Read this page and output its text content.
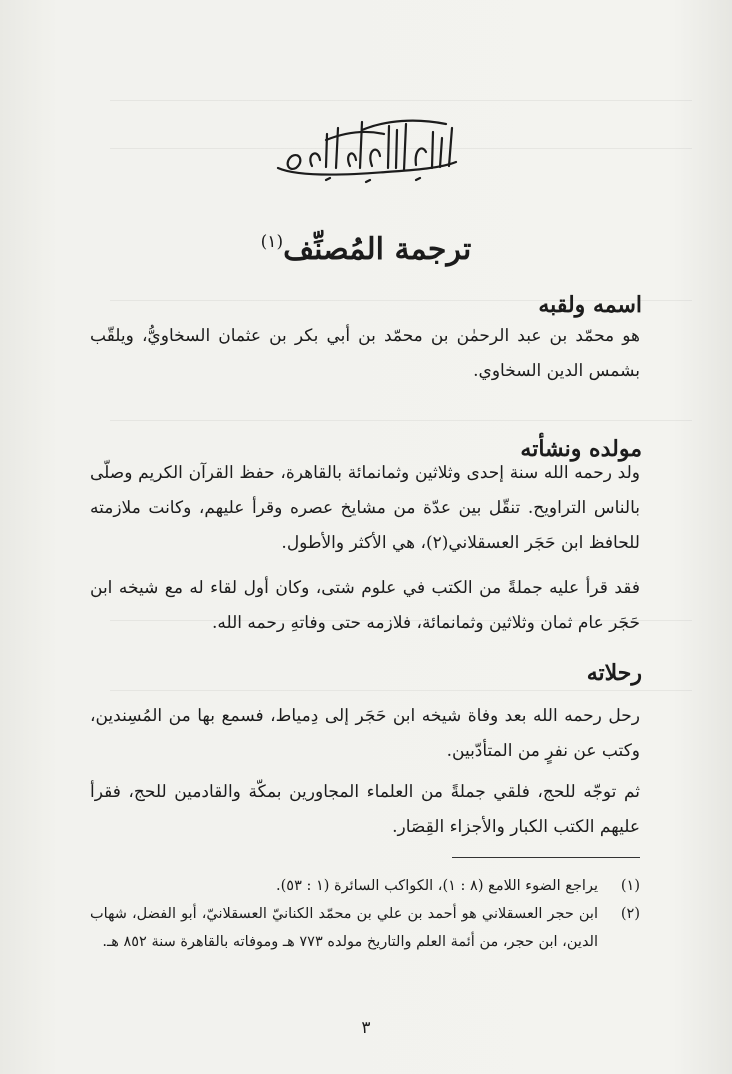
ترجمة المُصنِّف$^{(١)}$
اسمه ولقبه

هو محمّد بن عبد الرحمٰن بن محمّد بن أبي بكر بن عثمان السخاويُّ، ويلقّب بشمس الدين السخاوي.

مولده ونشأته

ولد رحمه الله سنة إحدى وثلاثين وثمانمائة بالقاهرة، حفظ القرآن الكريم وصلّى بالناس التراويح. تنقّل بين عدّة من مشايخ عصره وقرأ عليهم، وكانت ملازمته للحافظ ابن حَجَر العسقلاني(٢)، هي الأكثر والأطول.

فقد قرأ عليه جملةً من الكتب في علوم شتى، وكان أول لقاء له مع شيخه ابن حَجَر عام ثمان وثلاثين وثمانمائة، فلازمه حتى وفاتهِ رحمه الله.

رحلاته

رحل رحمه الله بعد وفاة شيخه ابن حَجَر إلى دِمياط، فسمع بها من المُسِندين، وكتب عن نفرٍ من المتأدّبين.

ثم توجّه للحج، فلقي جملةً من العلماء المجاورين بمكّة والقادمين للحج، فقرأ عليهم الكتب الكبار والأجزاء القِصَار.

(١)
يراجع الضوء اللامع (٨ : ١)، الكواكب السائرة (١ : ٥٣).
(٢)
ابن حجر العسقلاني هو أحمد بن علي بن محمّد الكنانيّ العسقلانيّ، أبو الفضل، شهاب الدين، ابن حجر، من أئمة العلم والتاريخ مولده ٧٧٣ هـ وموفاته بالقاهرة سنة ٨٥٢ هـ.
٣
